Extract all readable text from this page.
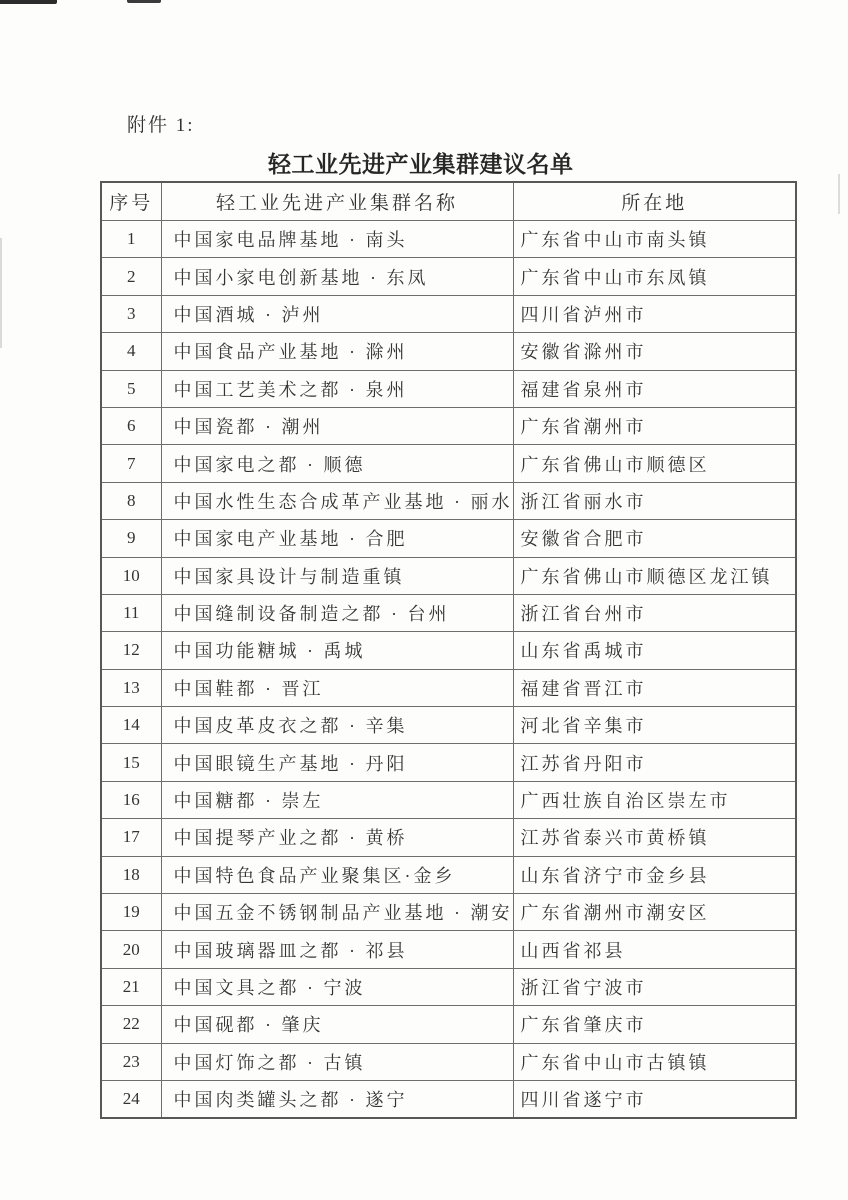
附件 1:
轻工业先进产业集群建议名单
序号	轻工业先进产业集群名称	所在地
1	中国家电品牌基地 · 南头	广东省中山市南头镇
2	中国小家电创新基地 · 东凤	广东省中山市东凤镇
3	中国酒城 · 泸州	四川省泸州市
4	中国食品产业基地 · 滁州	安徽省滁州市
5	中国工艺美术之都 · 泉州	福建省泉州市
6	中国瓷都 · 潮州	广东省潮州市
7	中国家电之都 · 顺德	广东省佛山市顺德区
8	中国水性生态合成革产业基地 · 丽水	浙江省丽水市
9	中国家电产业基地 · 合肥	安徽省合肥市
10	中国家具设计与制造重镇	广东省佛山市顺德区龙江镇
11	中国缝制设备制造之都 · 台州	浙江省台州市
12	中国功能糖城 · 禹城	山东省禹城市
13	中国鞋都 · 晋江	福建省晋江市
14	中国皮革皮衣之都 · 辛集	河北省辛集市
15	中国眼镜生产基地 · 丹阳	江苏省丹阳市
16	中国糖都 · 崇左	广西壮族自治区崇左市
17	中国提琴产业之都 · 黄桥	江苏省泰兴市黄桥镇
18	中国特色食品产业聚集区·金乡	山东省济宁市金乡县
19	中国五金不锈钢制品产业基地 · 潮安	广东省潮州市潮安区
20	中国玻璃器皿之都 · 祁县	山西省祁县
21	中国文具之都 · 宁波	浙江省宁波市
22	中国砚都 · 肇庆	广东省肇庆市
23	中国灯饰之都 · 古镇	广东省中山市古镇镇
24	中国肉类罐头之都 · 遂宁	四川省遂宁市
